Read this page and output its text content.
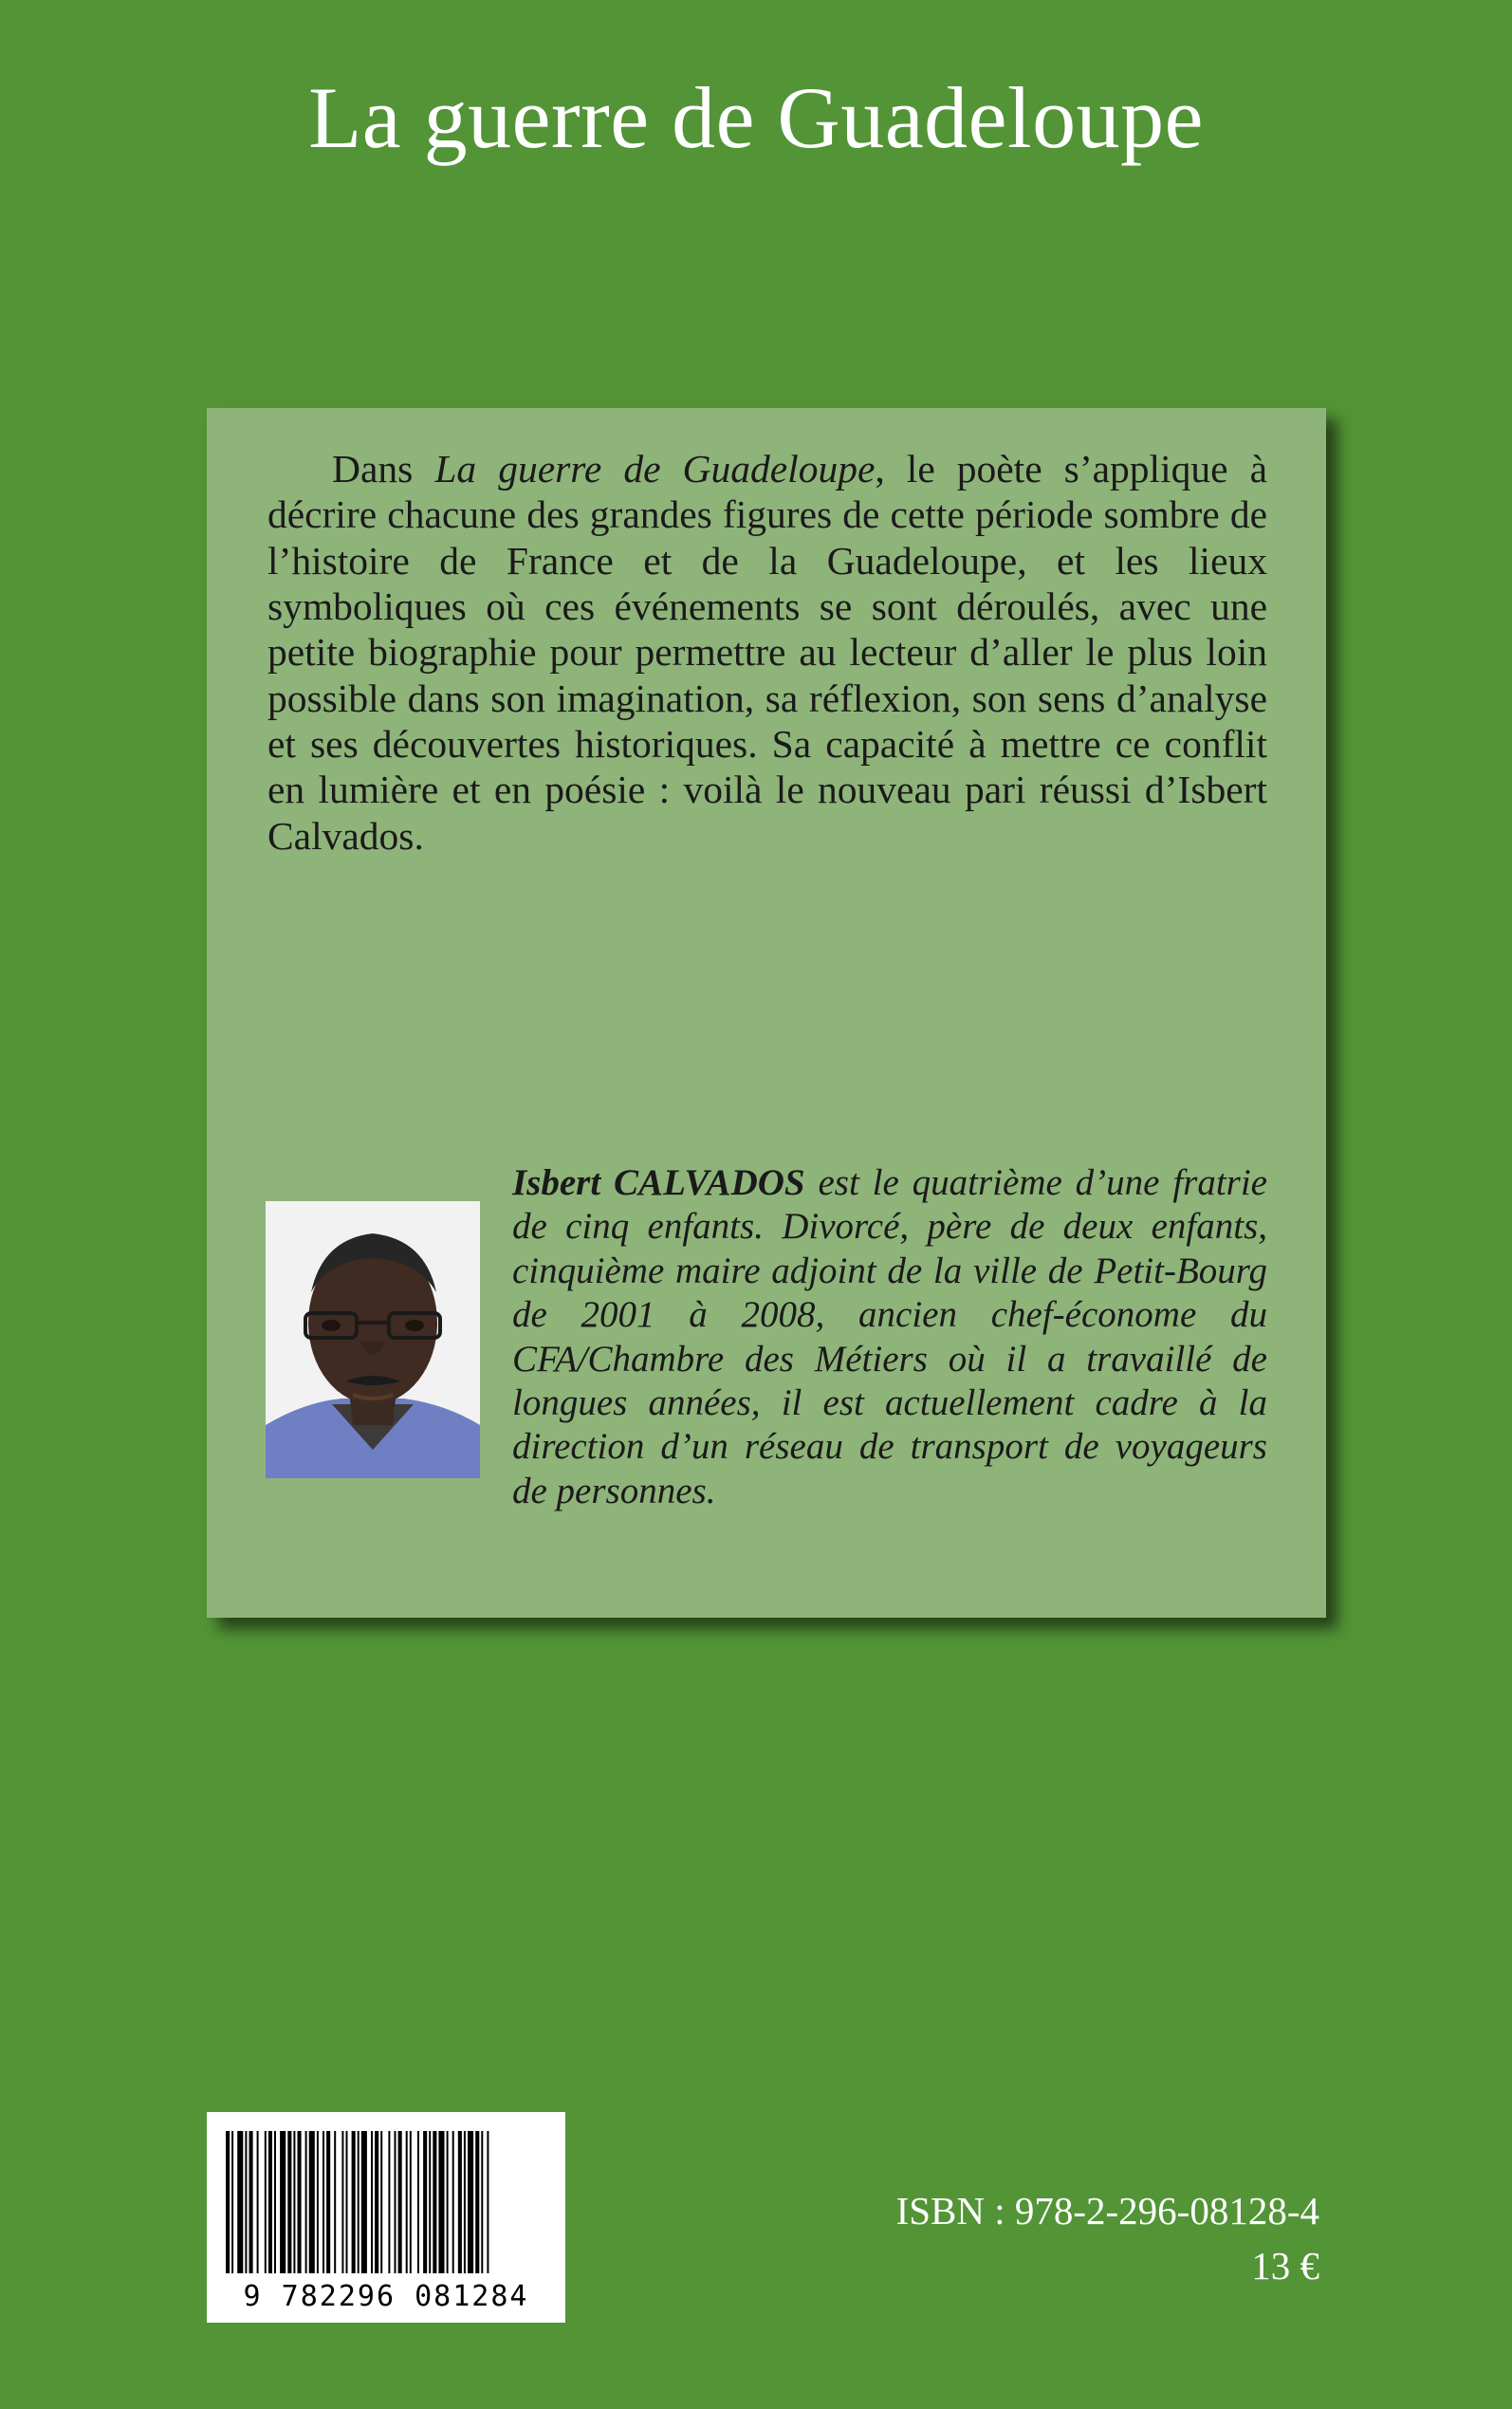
La guerre de Guadeloupe
Dans La guerre de Guadeloupe, le poète s’applique à décrire chacune des grandes figures de cette période sombre de l’histoire de France et de la Guadeloupe, et les lieux symboliques où ces événements se sont déroulés, avec une petite biographie pour permettre au lecteur d’aller le plus loin possible dans son imagination, sa réflexion, son sens d’analyse et ses découvertes historiques. Sa capacité à mettre ce conflit en lumière et en poésie : voilà le nouveau pari réussi d’Isbert Calvados.
Isbert CALVADOS est le quatrième d’une fratrie de cinq enfants. Divorcé, père de deux enfants, cinquième maire adjoint de la ville de Petit-Bourg de 2001 à 2008, ancien chef-économe du CFA/Chambre des Métiers où il a travaillé de longues années, il est actuellement cadre à la direction d’un réseau de transport de voyageurs de personnes.
9 782296 081284
ISBN : 978-2-296-08128-4
13 €
